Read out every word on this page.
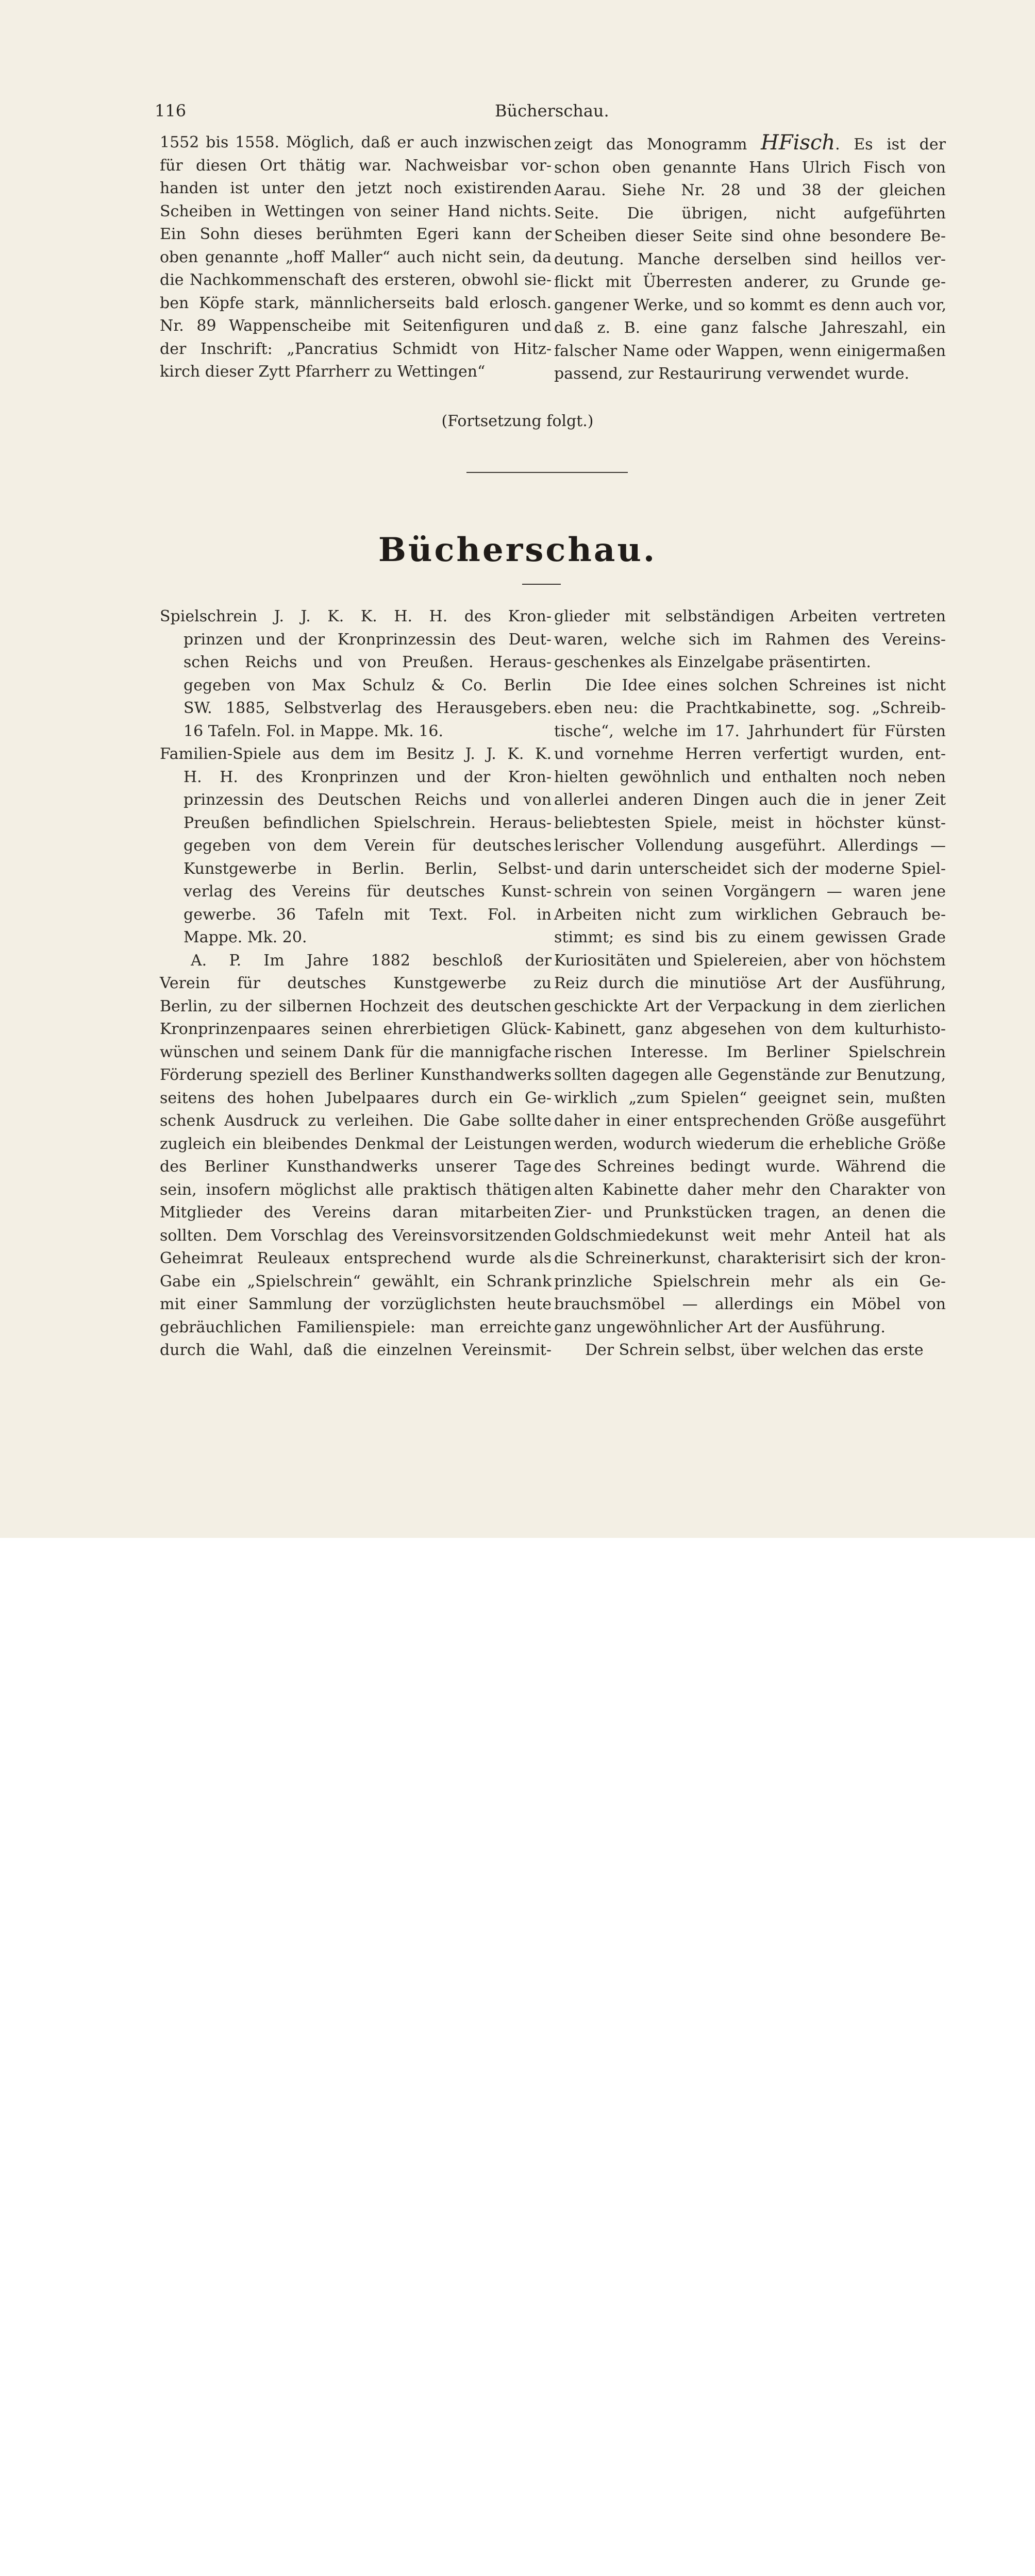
116	Bücherschau.

1552 bis 1558. Möglich, daß er auch inzwischen

für diesen Ort thätig war. Nachweisbar vor-

handen ist unter den jetzt noch existirenden

Scheiben in Wettingen von seiner Hand nichts.

Ein Sohn dieses berühmten Egeri kann der

oben genannte „hoff Maller“ auch nicht sein, da

die Nachkommenschaft des ersteren, obwohl sie-

ben Köpfe stark, männlicherseits bald erlosch.

Nr. 89 Wappenscheibe mit Seitenfiguren und

der Inschrift: „Pancratius Schmidt von Hitz-

kirch dieser Zytt Pfarrherr zu Wettingen“

zeigt das Monogramm HFisch. Es ist der

schon oben genannte Hans Ulrich Fisch von

Aarau. Siehe Nr. 28 und 38 der gleichen

Seite. Die übrigen, nicht aufgeführten

Scheiben dieser Seite sind ohne besondere Be-

deutung. Manche derselben sind heillos ver-

flickt mit Überresten anderer, zu Grunde ge-

gangener Werke, und so kommt es denn auch vor,

daß z. B. eine ganz falsche Jahreszahl, ein

falscher Name oder Wappen, wenn einigermaßen

passend, zur Restaurirung verwendet wurde.

(Fortsetzung folgt.)
Bücherschau.

Spielschrein J. J. K. K. H. H. des Kron-

prinzen und der Kronprinzessin des Deut-

schen Reichs und von Preußen. Heraus-

gegeben von Max Schulz & Co. Berlin

SW. 1885, Selbstverlag des Herausgebers.

16 Tafeln. Fol. in Mappe. Mk. 16.

Familien-Spiele aus dem im Besitz J. J. K. K.

H. H. des Kronprinzen und der Kron-

prinzessin des Deutschen Reichs und von

Preußen befindlichen Spielschrein. Heraus-

gegeben von dem Verein für deutsches

Kunstgewerbe in Berlin. Berlin, Selbst-

verlag des Vereins für deutsches Kunst-

gewerbe. 36 Tafeln mit Text. Fol. in

Mappe. Mk. 20.

A. P. Im Jahre 1882 beschloß der

Verein für deutsches Kunstgewerbe zu

Berlin, zu der silbernen Hochzeit des deutschen

Kronprinzenpaares seinen ehrerbietigen Glück-

wünschen und seinem Dank für die mannigfache

Förderung speziell des Berliner Kunsthandwerks

seitens des hohen Jubelpaares durch ein Ge-

schenk Ausdruck zu verleihen. Die Gabe sollte

zugleich ein bleibendes Denkmal der Leistungen

des Berliner Kunsthandwerks unserer Tage

sein, insofern möglichst alle praktisch thätigen

Mitglieder des Vereins daran mitarbeiten

sollten. Dem Vorschlag des Vereinsvorsitzenden

Geheimrat Reuleaux entsprechend wurde als

Gabe ein „Spielschrein“ gewählt, ein Schrank

mit einer Sammlung der vorzüglichsten heute

gebräuchlichen Familienspiele: man erreichte

durch die Wahl, daß die einzelnen Vereinsmit-

glieder mit selbständigen Arbeiten vertreten

waren, welche sich im Rahmen des Vereins-

geschenkes als Einzelgabe präsentirten.

Die Idee eines solchen Schreines ist nicht

eben neu: die Prachtkabinette, sog. „Schreib-

tische“, welche im 17. Jahrhundert für Fürsten

und vornehme Herren verfertigt wurden, ent-

hielten gewöhnlich und enthalten noch neben

allerlei anderen Dingen auch die in jener Zeit

beliebtesten Spiele, meist in höchster künst-

lerischer Vollendung ausgeführt. Allerdings —

und darin unterscheidet sich der moderne Spiel-

schrein von seinen Vorgängern — waren jene

Arbeiten nicht zum wirklichen Gebrauch be-

stimmt; es sind bis zu einem gewissen Grade

Kuriositäten und Spielereien, aber von höchstem

Reiz durch die minutiöse Art der Ausführung,

geschickte Art der Verpackung in dem zierlichen

Kabinett, ganz abgesehen von dem kulturhisto-

rischen Interesse. Im Berliner Spielschrein

sollten dagegen alle Gegenstände zur Benutzung,

wirklich „zum Spielen“ geeignet sein, mußten

daher in einer entsprechenden Größe ausgeführt

werden, wodurch wiederum die erhebliche Größe

des Schreines bedingt wurde. Während die

alten Kabinette daher mehr den Charakter von

Zier- und Prunkstücken tragen, an denen die

Goldschmiedekunst weit mehr Anteil hat als

die Schreinerkunst, charakterisirt sich der kron-

prinzliche Spielschrein mehr als ein Ge-

brauchsmöbel — allerdings ein Möbel von

ganz ungewöhnlicher Art der Ausführung.

Der Schrein selbst, über welchen das erste
